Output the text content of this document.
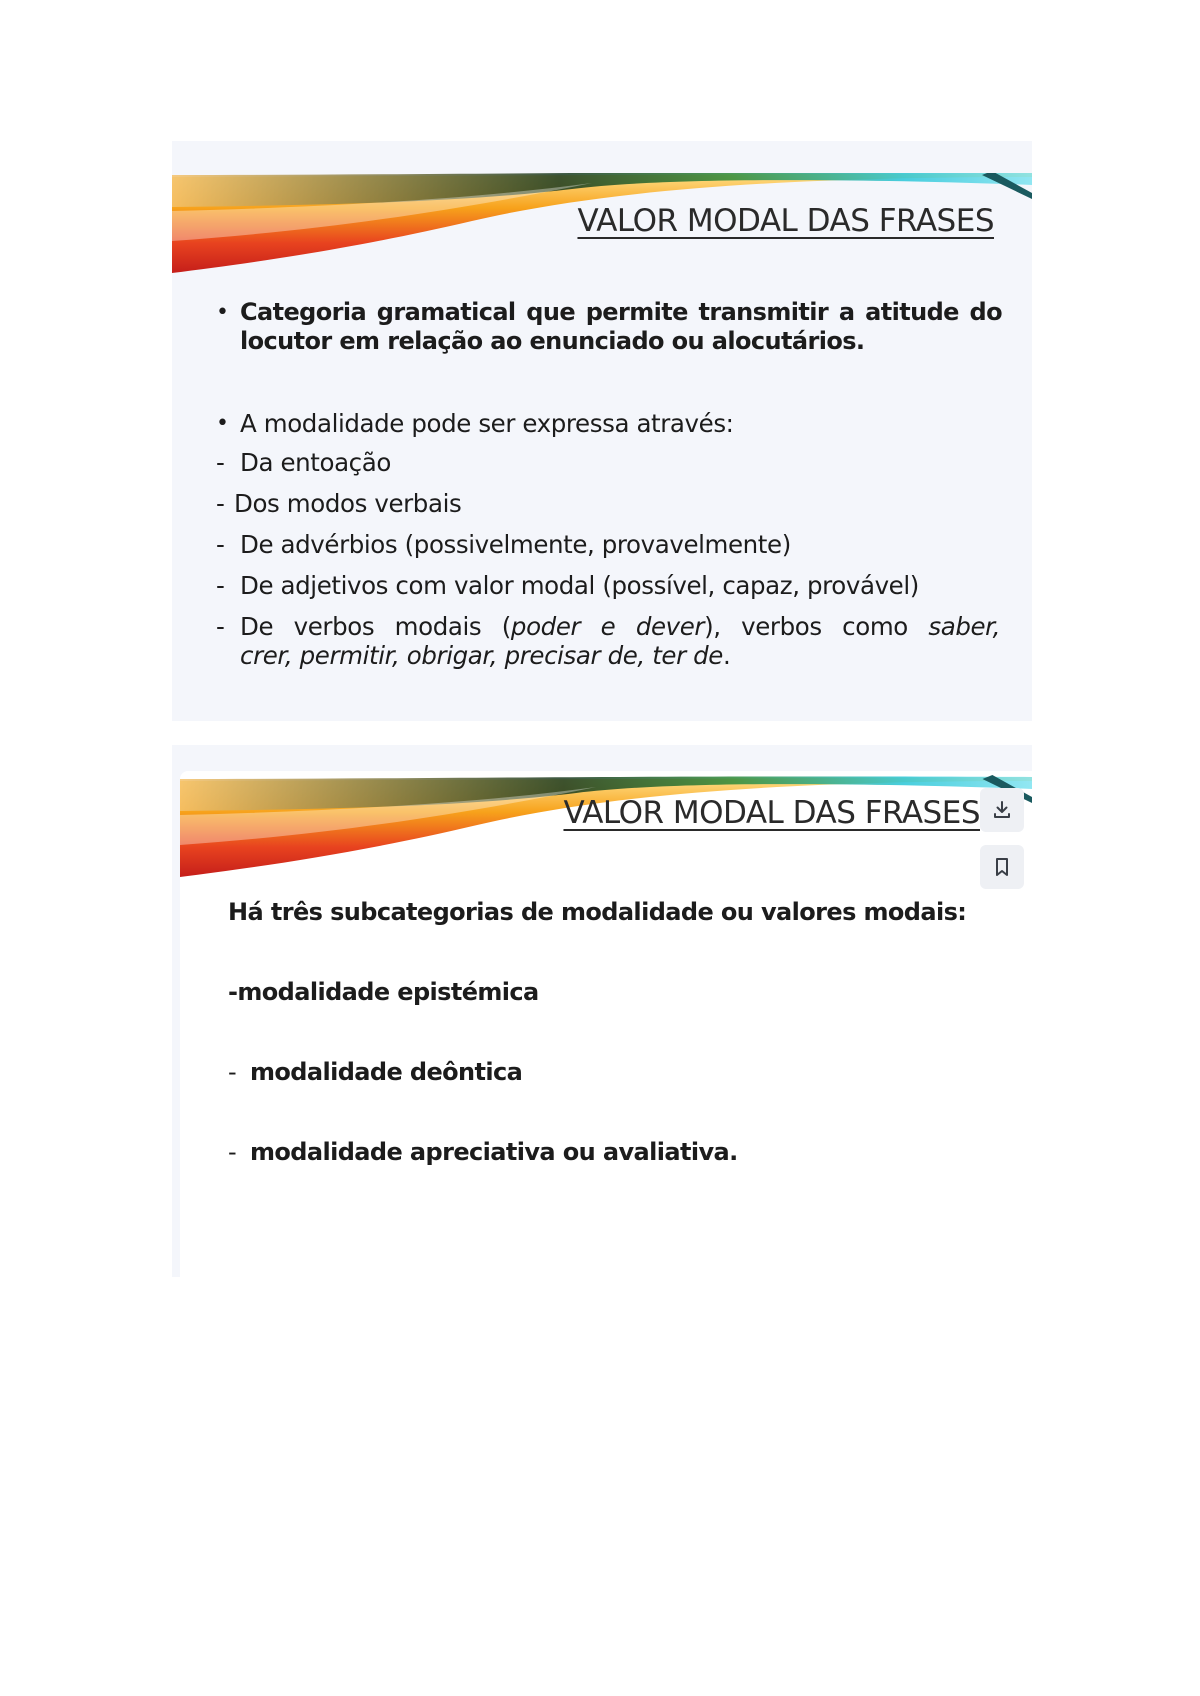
VALOR MODAL DAS FRASES
• Categoria gramatical que permite transmitir a atitude do
locutor em relação ao enunciado ou alocutários.
• A modalidade pode ser expressa através:
- Da entoação
- Dos modos verbais
- De advérbios (possivelmente, provavelmente)
- De adjetivos com valor modal (possível, capaz, provável)
- De verbos modais (poder e dever), verbos como saber,
crer, permitir, obrigar, precisar de, ter de.
VALOR MODAL DAS FRASES
Há três subcategorias de modalidade ou valores modais:
-modalidade epistémica
- modalidade deôntica
- modalidade apreciativa ou avaliativa.
